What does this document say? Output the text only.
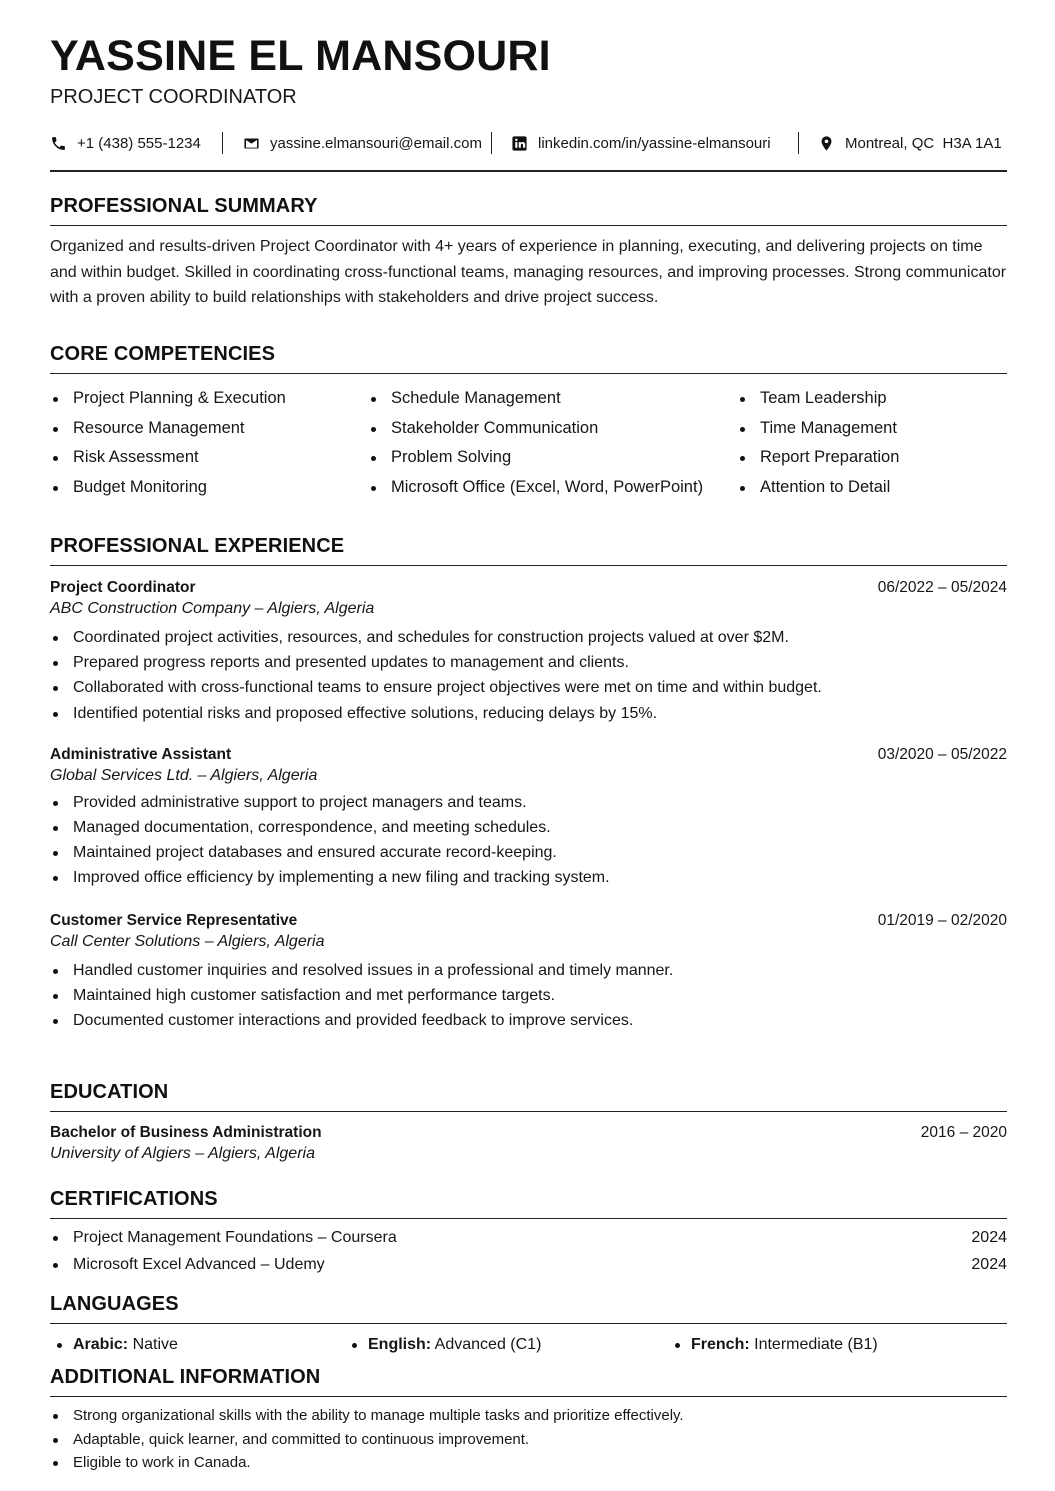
YASSINE EL MANSOURI
PROJECT COORDINATOR
+1 (438) 555-1234	yassine.elmansouri@email.com	linkedin.com/in/yassine-elmansouri	Montreal, QC  H3A 1A1
PROFESSIONAL SUMMARY

Organized and results-driven Project Coordinator with 4+ years of experience in planning, executing, and delivering projects on time and within budget. Skilled in coordinating cross-functional teams, managing resources, and improving processes. Strong communicator with a proven ability to build relationships with stakeholders and drive project success.

CORE COMPETENCIES
Project Planning & Execution
Resource Management
Risk Assessment
Budget Monitoring
Schedule Management
Stakeholder Communication
Problem Solving
Microsoft Office (Excel, Word, PowerPoint)
Team Leadership
Time Management
Report Preparation
Attention to Detail
PROFESSIONAL EXPERIENCE
Project Coordinator	06/2022 – 05/2024
ABC Construction Company – Algiers, Algeria
Coordinated project activities, resources, and schedules for construction projects valued at over $2M.
Prepared progress reports and presented updates to management and clients.
Collaborated with cross-functional teams to ensure project objectives were met on time and within budget.
Identified potential risks and proposed effective solutions, reducing delays by 15%.
Administrative Assistant	03/2020 – 05/2022
Global Services Ltd. – Algiers, Algeria
Provided administrative support to project managers and teams.
Managed documentation, correspondence, and meeting schedules.
Maintained project databases and ensured accurate record-keeping.
Improved office efficiency by implementing a new filing and tracking system.
Customer Service Representative	01/2019 – 02/2020
Call Center Solutions – Algiers, Algeria
Handled customer inquiries and resolved issues in a professional and timely manner.
Maintained high customer satisfaction and met performance targets.
Documented customer interactions and provided feedback to improve services.
EDUCATION
Bachelor of Business Administration	2016 – 2020
University of Algiers – Algiers, Algeria
CERTIFICATIONS
Project Management Foundations – Coursera	2024
Microsoft Excel Advanced – Udemy	2024
LANGUAGES
Arabic: Native	English: Advanced (C1)	French: Intermediate (B1)
ADDITIONAL INFORMATION
Strong organizational skills with the ability to manage multiple tasks and prioritize effectively.
Adaptable, quick learner, and committed to continuous improvement.
Eligible to work in Canada.
